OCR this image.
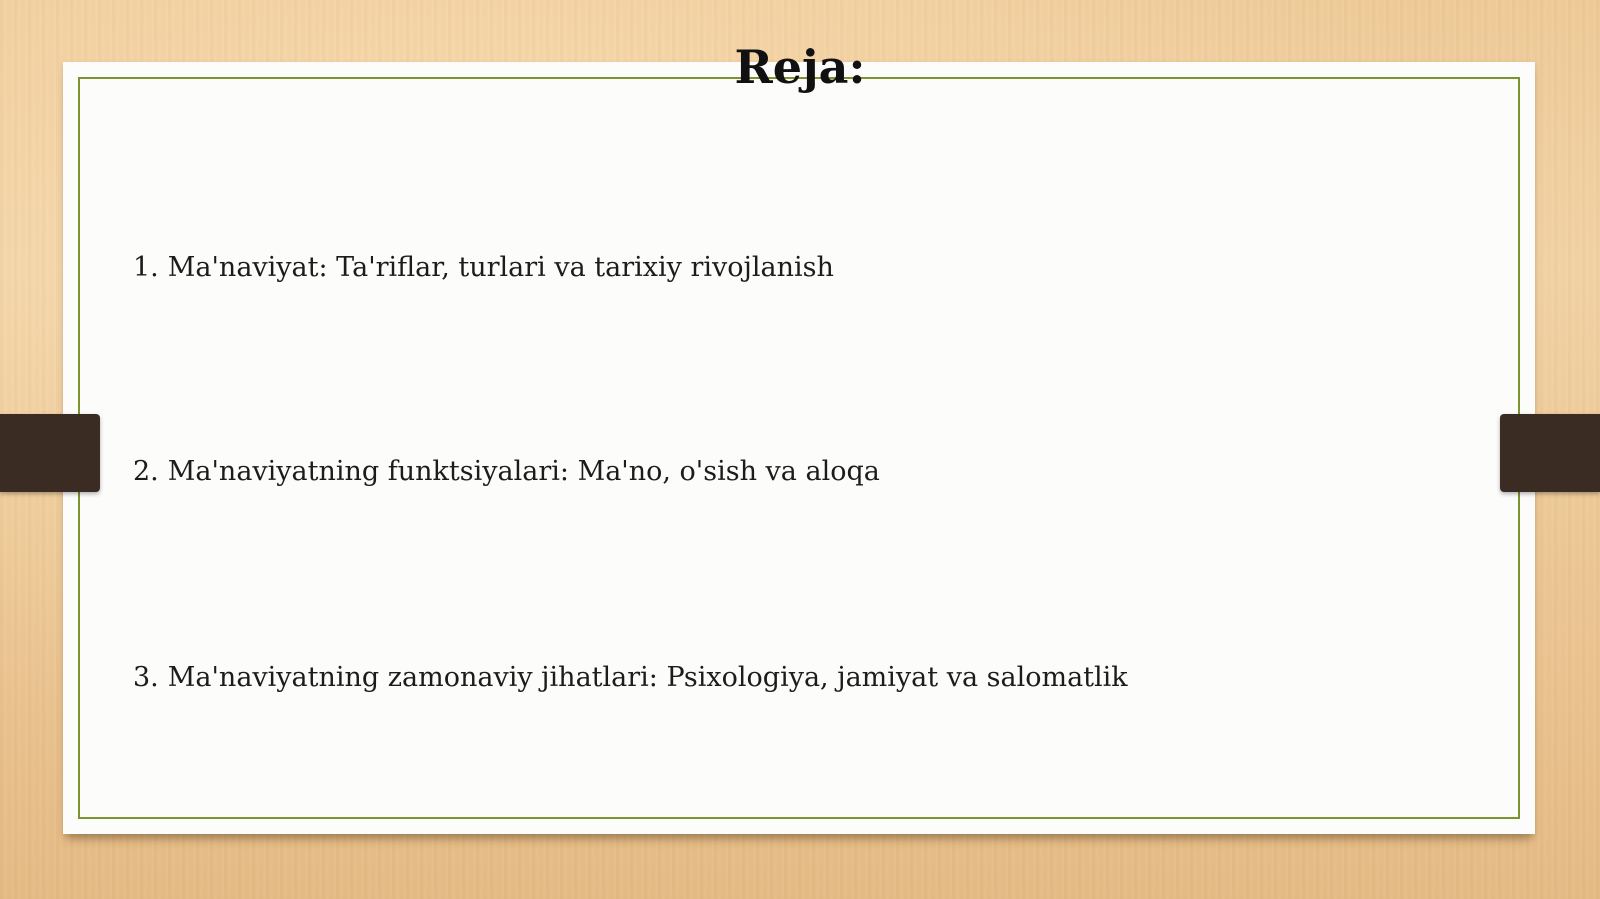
Reja:
1. Ma'naviyat: Ta'riflar, turlari va tarixiy rivojlanish
2. Ma'naviyatning funktsiyalari: Ma'no, o'sish va aloqa
3. Ma'naviyatning zamonaviy jihatlari: Psixologiya, jamiyat va salomatlik
